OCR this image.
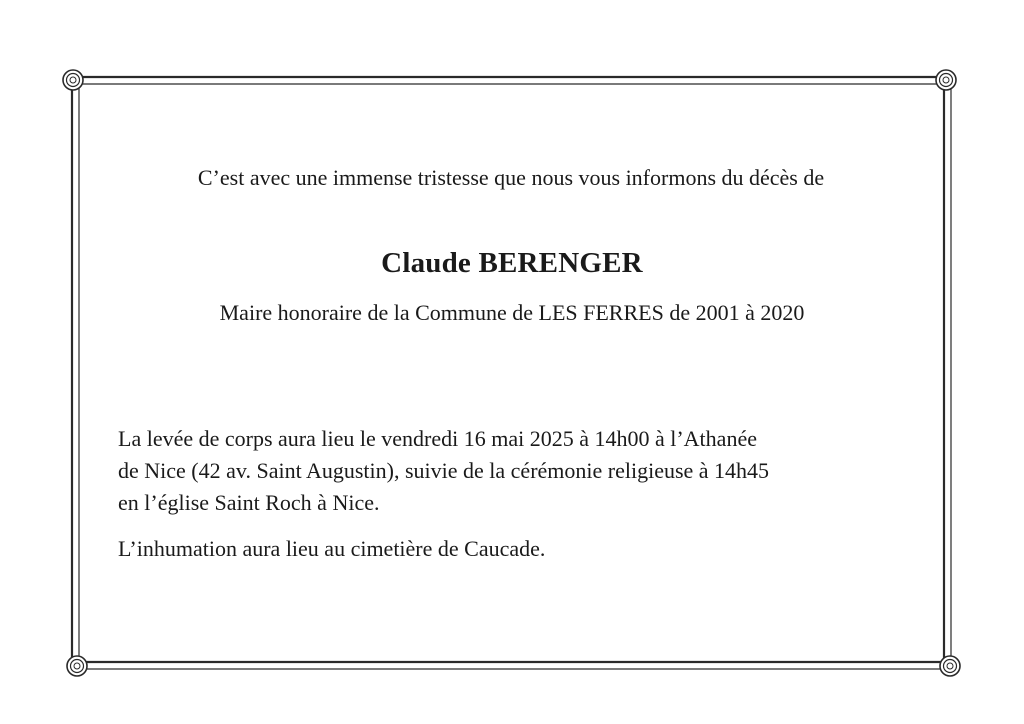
C’est avec une immense tristesse que nous vous informons du décès de
Claude BERENGER
Maire honoraire de la Commune de LES FERRES de 2001 à 2020
La levée de corps aura lieu le vendredi 16 mai 2025 à 14h00 à l’Athanée
de Nice (42 av. Saint Augustin), suivie de la cérémonie religieuse à 14h45
en l’église Saint Roch à Nice.
L’inhumation aura lieu au cimetière de Caucade.
